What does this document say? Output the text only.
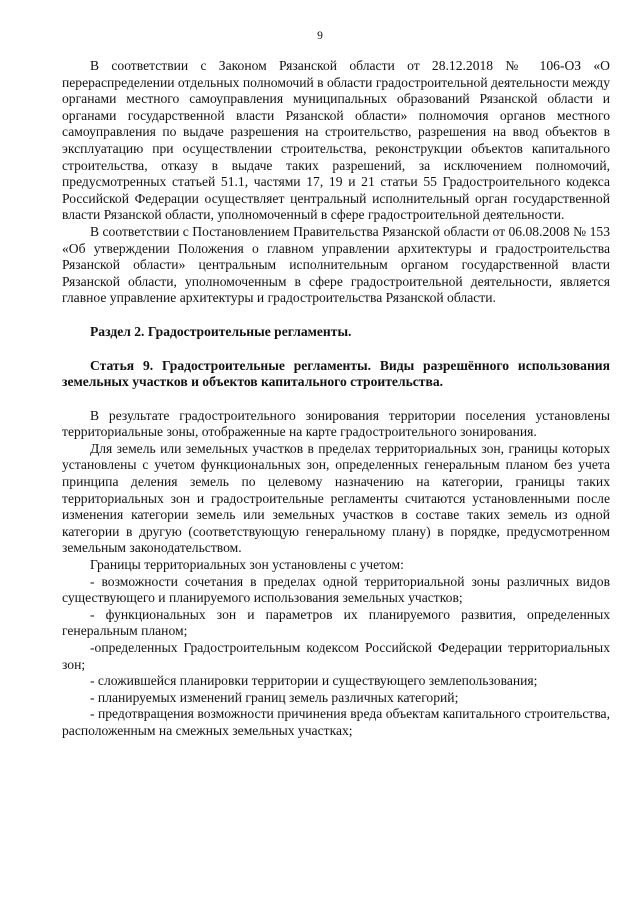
9

В соответствии с Законом Рязанской области от 28.12.2018 № 106-ОЗ «О перераспределении отдельных полномочий в области градостроительной деятельности между органами местного самоуправления муниципальных образований Рязанской области и органами государственной власти Рязанской области» полномочия органов местного самоуправления по выдаче разрешения на строительство, разрешения на ввод объектов в эксплуатацию при осуществлении строительства, реконструкции объектов капитального строительства, отказу в выдаче таких разрешений, за исключением полномочий, предусмотренных статьей 51.1, частями 17, 19 и 21 статьи 55 Градостроительного кодекса Российской Федерации осуществляет центральный исполнительный орган государственной власти Рязанской области, уполномоченный в сфере градостроительной деятельности.

В соответствии с Постановлением Правительства Рязанской области от 06.08.2008 № 153 «Об утверждении Положения о главном управлении архитектуры и градостроительства Рязанской области» центральным исполнительным органом государственной власти Рязанской области, уполномоченным в сфере градостроительной деятельности, является главное управление архитектуры и градостроительства Рязанской области.

Раздел 2. Градостроительные регламенты.

Статья 9. Градостроительные регламенты. Виды разрешённого использования земельных участков и объектов капитального строительства.

В результате градостроительного зонирования территории поселения установлены территориальные зоны, отображенные на карте градостроительного зонирования.

Для земель или земельных участков в пределах территориальных зон, границы которых установлены с учетом функциональных зон, определенных генеральным планом без учета принципа деления земель по целевому назначению на категории, границы таких территориальных зон и градостроительные регламенты считаются установленными после изменения категории земель или земельных участков в составе таких земель из одной категории в другую (соответствующую генеральному плану) в порядке, предусмотренном земельным законодательством.

Границы территориальных зон установлены с учетом:

- возможности сочетания в пределах одной территориальной зоны различных видов существующего и планируемого использования земельных участков;

- функциональных зон и параметров их планируемого развития, определенных генеральным планом;

-определенных Градостроительным кодексом Российской Федерации территориальных зон;

- сложившейся планировки территории и существующего землепользования;

- планируемых изменений границ земель различных категорий;

- предотвращения возможности причинения вреда объектам капитального строительства, расположенным на смежных земельных участках;
